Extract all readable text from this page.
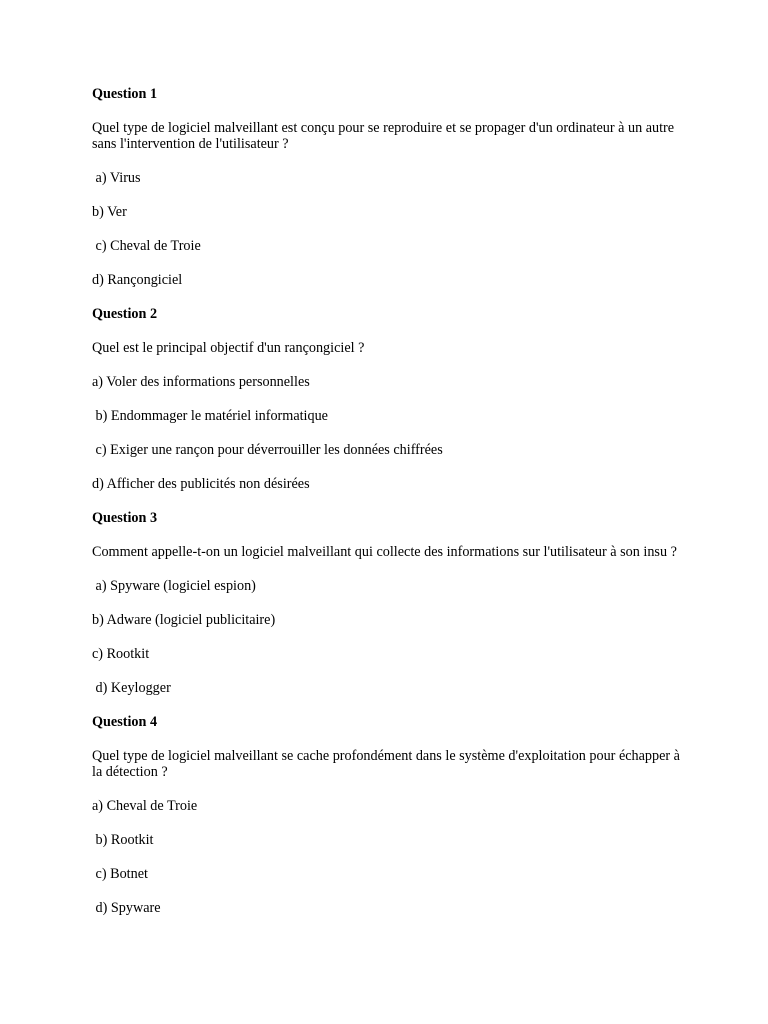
Question 1

Quel type de logiciel malveillant est conçu pour se reproduire et se propager d'un ordinateur à un autre sans l'intervention de l'utilisateur ?

a) Virus

b) Ver

c) Cheval de Troie

d) Rançongiciel

Question 2

Quel est le principal objectif d'un rançongiciel ?

a) Voler des informations personnelles

b) Endommager le matériel informatique

c) Exiger une rançon pour déverrouiller les données chiffrées

d) Afficher des publicités non désirées

Question 3

Comment appelle-t-on un logiciel malveillant qui collecte des informations sur l'utilisateur à son insu ?

a) Spyware (logiciel espion)

b) Adware (logiciel publicitaire)

c) Rootkit

d) Keylogger

Question 4

Quel type de logiciel malveillant se cache profondément dans le système d'exploitation pour échapper à la détection ?

a) Cheval de Troie

b) Rootkit

c) Botnet

d) Spyware
